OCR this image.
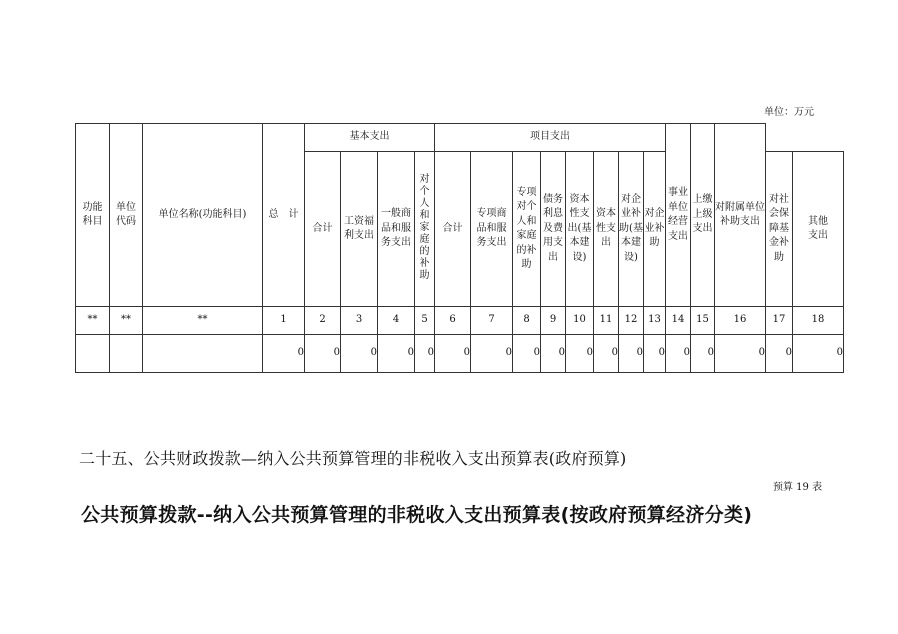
单位：万元
功能科目	单位代码	单位名称(功能科目)	总　计	基本支出				项目支出								事业单位经营支出	上缴上级支出	对附属单位补助支出		
				合计	工资福利支出	一般商品和服务支出	对个人和家庭的补助	合计	专项商品和服务支出	专项对个人和家庭的补助	债务利息及费用支出	资本性支出(基本建设)	资本性支出	对企业补助(基本建设)	对企业补助				对社会保障基金补助	其他支出
**	**	**	1	2	3	4	5	6	7	8	9	10	11	12	13	14	15	16	17	18
			0	0	0	0	0	0	0	0	0	0	0	0	0	0	0	0	0	0
二十五、公共财政拨款—纳入公共预算管理的非税收入支出预算表(政府预算)
预算 19 表
公共预算拨款--纳入公共预算管理的非税收入支出预算表(按政府预算经济分类)
